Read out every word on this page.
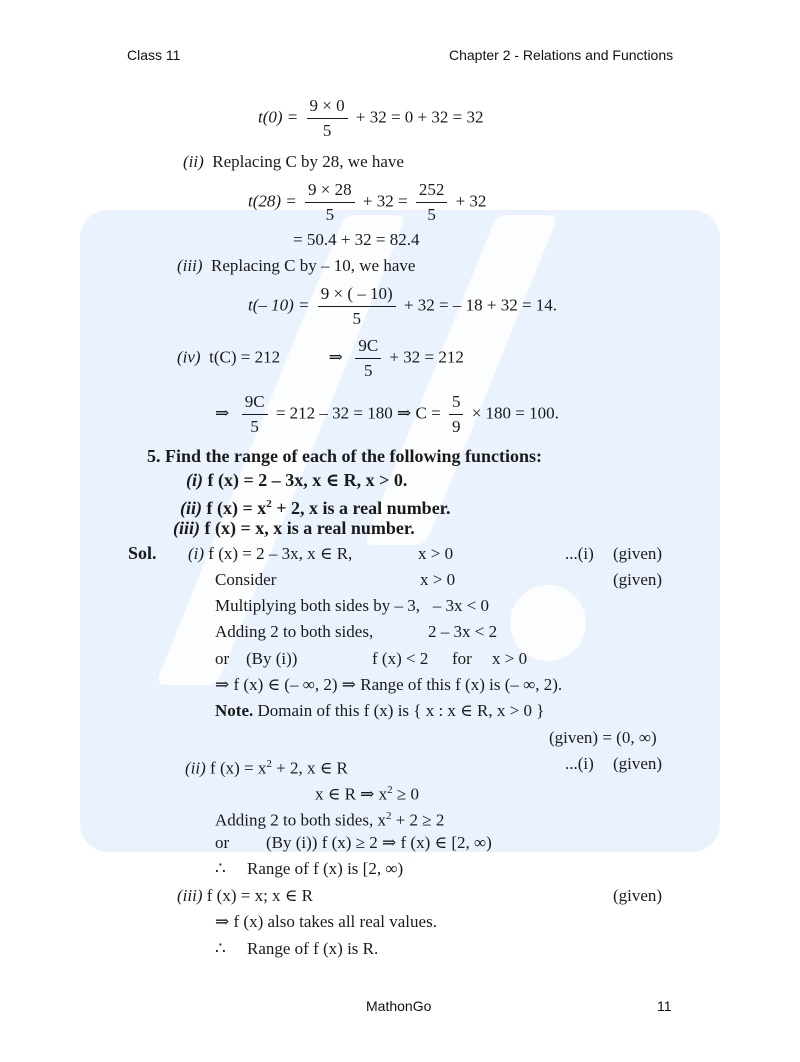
Class 11	Chapter 2 - Relations and Functions
$t(0) = \frac{9 \times 0}{5} + 32 = 0 + 32 = 32$
(ii) Replacing C by 28, we have
$t(28) = \frac{9 \times 28}{5} + 32 = \frac{252}{5} + 32$
= 50.4 + 32 = 82.4
(iii) Replacing C by – 10, we have
t(– $10) = \frac{9 \times ( - 10)}{5} + 32$ = – 18 + 32 = 14.
(iv) t(C) = 212	⇒ $\frac{9C}{5} + 32 = 212$
⇒ $\frac{9C}{5} = 212 - 32 = 180$ ⇒ $C = \frac{5}{9} \times 180 = 100$.
5. Find the range of each of the following functions:
(i) f (x) = 2 – 3x, x ∈ R, x > 0.
(ii) f $(x) = x^2 + 2$, x is a real number.
(iii) f (x) = x, x is a real number.
Sol. (i) f (x) = 2 – 3x, x ∈ R,	x > 0	...(i) (given)
Consider	x > 0	(given)
Multiplying both sides by – 3, – 3x < 0
Adding 2 to both sides,	2 – 3x < 2
or (By (i))	f (x) < 2 for x > 0
⇒ f (x) ∈ (– ∞, 2) ⇒ Range of this f (x) is (– ∞, 2).
Note. Domain of this f (x) is { x : x ∈ R, x > 0 }
(given) = (0, ∞)
(ii) f $(x) = x^2 + 2$, x ∈ R	...(i) (given)
x ∈ R ⇒ $x^2 \ge 0$
Adding 2 to both sides, $x^2 + 2 \ge 2$
or (By (i)) f (x) ≥ 2 ⇒ f (x) ∈ [2, ∞)
∴ Range of f (x) is [2, ∞)
(iii) f (x) = x; x ∈ R	(given)
⇒ f (x) also takes all real values.
∴ Range of f (x) is R.
MathonGo	11
